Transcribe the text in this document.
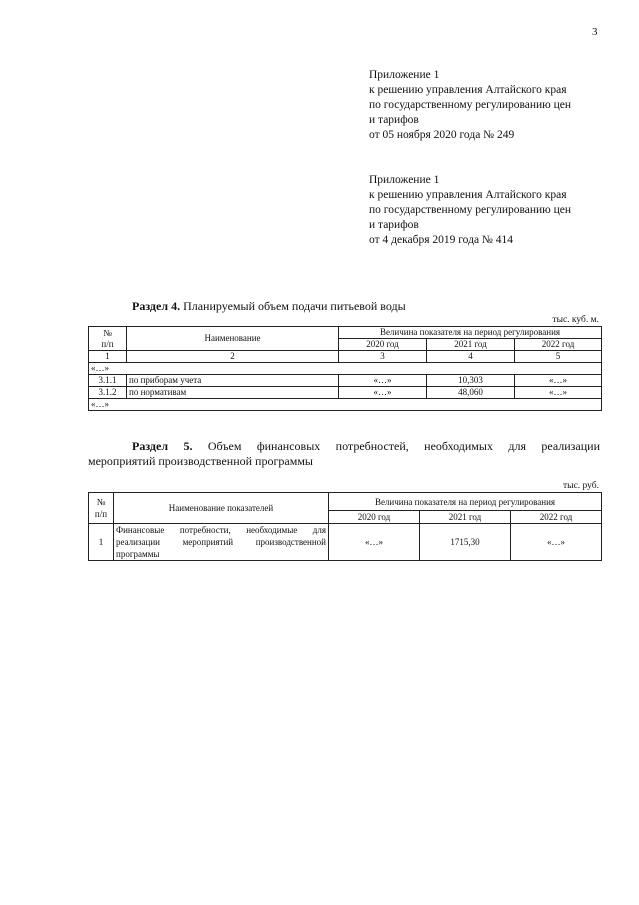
3
Приложение 1
к решению управления Алтайского края
по государственному регулированию цен
и тарифов
от 05 ноября 2020 года № 249
Приложение 1
к решению управления Алтайского края
по государственному регулированию цен
и тарифов
от 4 декабря 2019 года № 414
Раздел 4. Планируемый объем подачи питьевой воды
тыс. куб. м.
№
п/п	Наименование	Величина показателя на период регулирования		
		2020 год	2021 год	2022 год
1	2	3	4	5
«…»				
3.1.1	по приборам учета	«…»	10,303	«…»
3.1.2	по нормативам	«…»	48,060	«…»
«…»				
Раздел 5. Объем финансовых потребностей, необходимых для реализации
мероприятий производственной программы
тыс. руб.
№
п/п	Наименование показателей	Величина показателя на период регулирования		
		2020 год	2021 год	2022 год
1	Финансовые потребности, необходимые для реализации мероприятий производственной программы	«…»	1715,30	«…»
